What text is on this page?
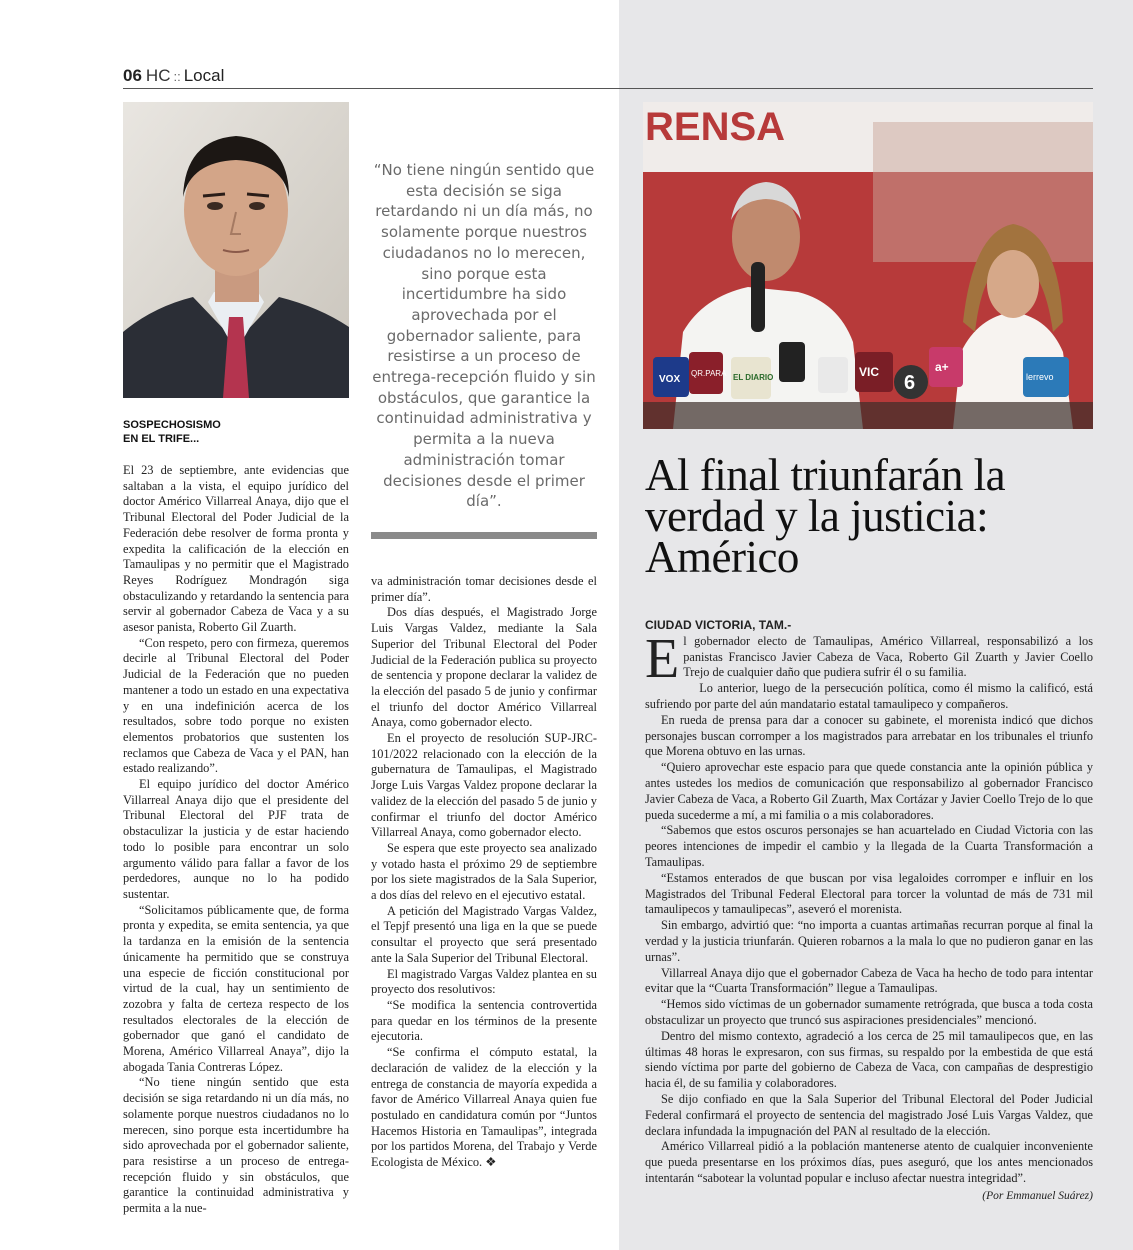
06 HC :: Local
SOSPECHOSISMO
EN EL TRIFE...

El 23 de septiembre, ante evidencias que saltaban a la vista, el equipo jurídico del doctor Américo Villarreal Anaya, dijo que el Tribunal Electoral del Poder Judicial de la Federación debe resolver de forma pronta y expedita la calificación de la elección en Tamaulipas y no permitir que el Magistrado Reyes Rodríguez Mondragón siga obstaculizando y retardando la sentencia para servir al gobernador Cabeza de Vaca y a su asesor panista, Roberto Gil Zuarth.

“Con respeto, pero con firmeza, queremos decirle al Tribunal Electoral del Poder Judicial de la Federación que no pueden mantener a todo un estado en una expectativa y en una indefinición acerca de los resultados, sobre todo porque no existen elementos probatorios que sustenten los reclamos que Cabeza de Vaca y el PAN, han estado realizando”.

El equipo jurídico del doctor Américo Villarreal Anaya dijo que el presidente del Tribunal Electoral del PJF trata de obstaculizar la justicia y de estar haciendo todo lo posible para encontrar un solo argumento válido para fallar a favor de los perdedores, aunque no lo ha podido sustentar.

“Solicitamos públicamente que, de forma pronta y expedita, se emita sentencia, ya que la tardanza en la emisión de la sentencia únicamente ha permitido que se construya una especie de ficción constitucional por virtud de la cual, hay un sentimiento de zozobra y falta de certeza respecto de los resultados electorales de la elección de gobernador que ganó el candidato de Morena, Américo Villarreal Anaya”, dijo la abogada Tania Contreras López.

“No tiene ningún sentido que esta decisión se siga retardando ni un día más, no solamente porque nuestros ciudadanos no lo merecen, sino porque esta incertidumbre ha sido aprovechada por el gobernador saliente, para resistirse a un proceso de entrega-recepción fluido y sin obstáculos, que garantice la continuidad administrativa y permita a la nue-

“No tiene ningún sentido que esta decisión se siga retardando ni un día más, no solamente porque nuestros ciudadanos no lo merecen, sino porque esta incertidumbre ha sido aprovechada por el gobernador saliente, para resistirse a un proceso de entrega-recepción fluido y sin obstáculos, que garantice la continuidad administrativa y permita a la nueva administración tomar decisiones desde el primer día”.

va administración tomar decisiones desde el primer día”.

Dos días después, el Magistrado Jorge Luis Vargas Valdez, mediante la Sala Superior del Tribunal Electoral del Poder Judicial de la Federación publica su proyecto de sentencia y propone declarar la validez de la elección del pasado 5 de junio y confirmar el triunfo del doctor Américo Villarreal Anaya, como gobernador electo.

En el proyecto de resolución SUP-JRC-101/2022 relacionado con la elección de la gubernatura de Tamaulipas, el Magistrado Jorge Luis Vargas Valdez propone declarar la validez de la elección del pasado 5 de junio y confirmar el triunfo del doctor Américo Villarreal Anaya, como gobernador electo.

Se espera que este proyecto sea analizado y votado hasta el próximo 29 de septiembre por los siete magistrados de la Sala Superior, a dos días del relevo en el ejecutivo estatal.

A petición del Magistrado Vargas Valdez, el Tepjf presentó una liga en la que se puede consultar el proyecto que será presentado ante la Sala Superior del Tribunal Electoral.

El magistrado Vargas Valdez plantea en su proyecto dos resolutivos:

“Se modifica la sentencia controvertida para quedar en los términos de la presente ejecutoria.

“Se confirma el cómputo estatal, la declaración de validez de la elección y la entrega de constancia de mayoría expedida a favor de Américo Villarreal Anaya quien fue postulado en candidatura común por “Juntos Hacemos Historia en Tamaulipas”, integrada por los partidos Morena, del Trabajo y Verde Ecologista de México. ❖

RENSA
VOX
QR.PARA EL DIARIO	VIC 6
a+
lerrevo
Al final triunfarán la verdad y la justicia: Américo
CIUDAD VICTORIA, TAM.-

El gobernador electo de Tamaulipas, Américo Villarreal, responsabilizó a los panistas Francisco Javier Cabeza de Vaca, Roberto Gil Zuarth y Javier Coello Trejo de cualquier daño que pudiera sufrir él o su familia.

Lo anterior, luego de la persecución política, como él mismo la calificó, está sufriendo por parte del aún mandatario estatal tamaulipeco y compañeros.

En rueda de prensa para dar a conocer su gabinete, el morenista indicó que dichos personajes buscan corromper a los magistrados para arrebatar en los tribunales el triunfo que Morena obtuvo en las urnas.

“Quiero aprovechar este espacio para que quede constancia ante la opinión pública y antes ustedes los medios de comunicación que responsabilizo al gobernador Francisco Javier Cabeza de Vaca, a Roberto Gil Zuarth, Max Cortázar y Javier Coello Trejo de lo que pueda sucederme a mí, a mi familia o a mis colaboradores.

“Sabemos que estos oscuros personajes se han acuartelado en Ciudad Victoria con las peores intenciones de impedir el cambio y la llegada de la Cuarta Transformación a Tamaulipas.

“Estamos enterados de que buscan por visa legaloides corromper e influir en los Magistrados del Tribunal Federal Electoral para torcer la voluntad de más de 731 mil tamaulipecos y tamaulipecas”, aseveró el morenista.

Sin embargo, advirtió que: “no importa a cuantas artimañas recurran porque al final la verdad y la justicia triunfarán. Quieren robarnos a la mala lo que no pudieron ganar en las urnas”.

Villarreal Anaya dijo que el gobernador Cabeza de Vaca ha hecho de todo para intentar evitar que la “Cuarta Transformación” llegue a Tamaulipas.

“Hemos sido víctimas de un gobernador sumamente retrógrada, que busca a toda costa obstaculizar un proyecto que truncó sus aspiraciones presidenciales” mencionó.

Dentro del mismo contexto, agradeció a los cerca de 25 mil tamaulipecos que, en las últimas 48 horas le expresaron, con sus firmas, su respaldo por la embestida de que está siendo víctima por parte del gobierno de Cabeza de Vaca, con campañas de desprestigio hacia él, de su familia y colaboradores.

Se dijo confiado en que la Sala Superior del Tribunal Electoral del Poder Judicial Federal confirmará el proyecto de sentencia del magistrado José Luis Vargas Valdez, que declara infundada la impugnación del PAN al resultado de la elección.

Américo Villarreal pidió a la población mantenerse atento de cualquier inconveniente que pueda presentarse en los próximos días, pues aseguró, que los antes mencionados intentarán “sabotear la voluntad popular e incluso afectar nuestra integridad”.

(Por Emmanuel Suárez)
